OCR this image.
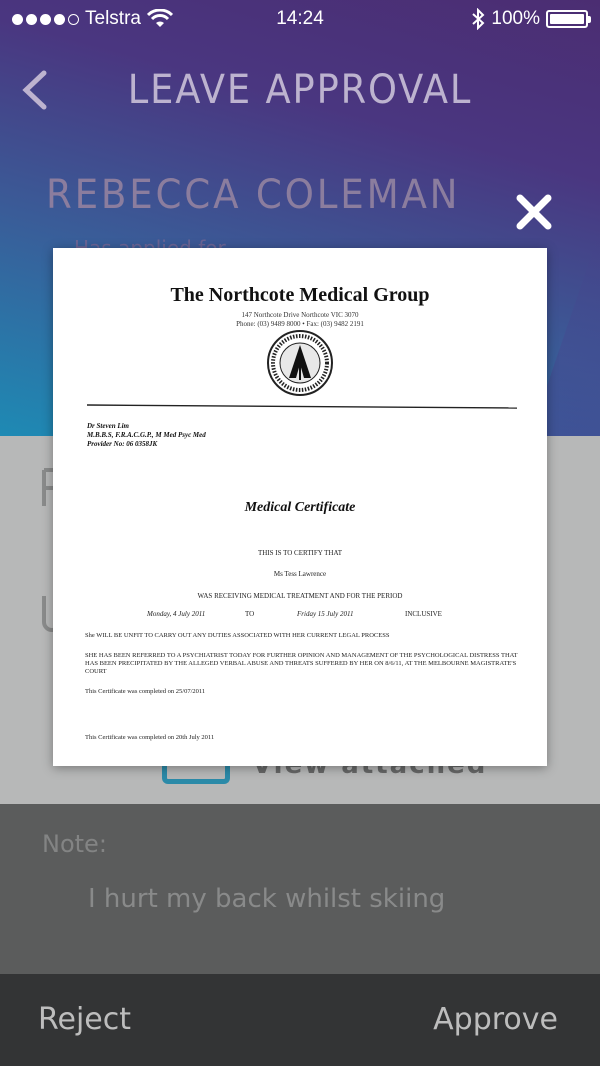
Telstra	14:24	100%
LEAVE APPROVAL
REBECCA COLEMAN
Note:
I hurt my back whilst skiing
Reject	Approve
The Northcote Medical Group
147 Northcote Drive Northcote VIC 3070
Phone: (03) 9489 8000 • Fax: (03) 9482 2191
Dr Steven Lim
M.B.B.S, F.R.A.C.G.P., M Med Psyc Med
Provider No: 06 0358JK
Medical Certificate
THIS IS TO CERTIFY THAT
Ms Tess Lawrence
WAS RECEIVING MEDICAL TREATMENT AND FOR THE PERIOD
Monday, 4 July 2011	TO	Friday 15 July 2011	INCLUSIVE
She WILL BE UNFIT TO CARRY OUT ANY DUTIES ASSOCIATED WITH HER CURRENT LEGAL PROCESS
SHE HAS BEEN REFERRED TO A PSYCHIATRIST TODAY FOR FURTHER OPINION AND MANAGEMENT OF THE PSYCHOLOGICAL DISTRESS THAT HAS BEEN PRECIPITATED BY THE ALLEGED VERBAL ABUSE AND THREATS SUFFERED BY HER ON 8/6/11, AT THE MELBOURNE MAGISTRATE'S COURT
This Certificate was completed on 25/07/2011
This Certificate was completed on 20th July 2011
